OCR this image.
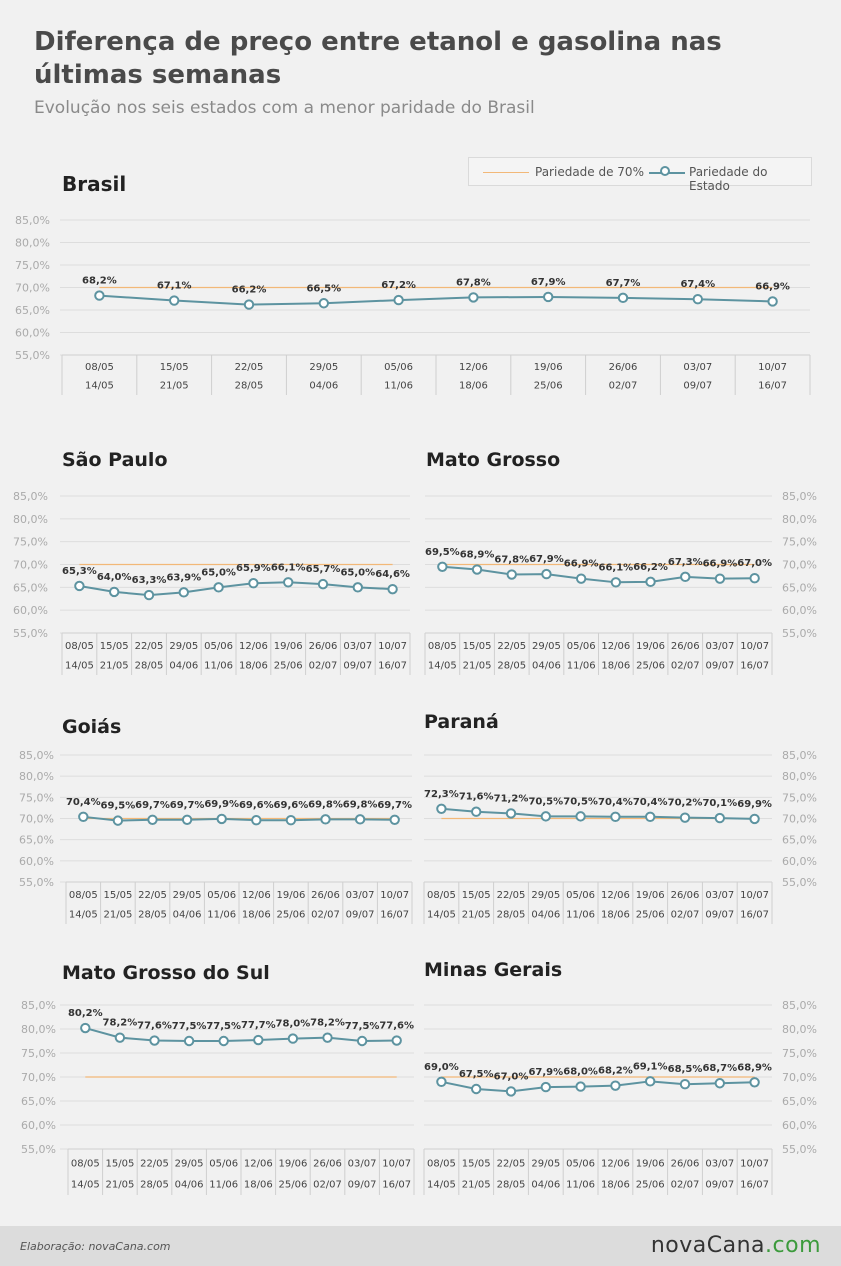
Diferença de preço entre etanol e gasolina nas últimas semanas

Evolução nos seis estados com a menor paridade do Brasil

Pariedade de 70%	Pariedade do Estado
Brasil
São Paulo	Mato Grosso
Goiás	Paraná
Mato Grosso do Sul	Minas Gerais
85,0%
80,0%
75,0%
70,0%
65,0%
60,0%
55,0%
08/05
14/05
15/05
21/05
22/05
28/05
29/05
04/06
05/06
11/06
12/06
18/06
19/06
25/06
26/06
02/07
03/07
09/07
10/07
16/07
68,2%	67,1%	66,2%	66,5%	67,2%	67,8%	67,9%	67,7%	67,4%	66,9%
85,0%
80,0%
75,0%
70,0%
65,0%
60,0%
55,0%
08/05
14/05
15/05
21/05
22/05
28/05
29/05
04/06
05/06
11/06
12/06
18/06
19/06
25/06
26/06
02/07
03/07
09/07
10/07
16/07
65,3%
64,0% 63,3% 63,9% 65,0% 65,9% 66,1% 65,7% 65,0% 64,6%
85,0%
80,0%
75,0%
70,0%
65,0%
60,0%
55,0%
08/05
14/05
15/05
21/05
22/05
28/05
29/05
04/06
05/06
11/06
12/06
18/06
19/06
25/06
26/06
02/07
03/07
09/07
10/07
16/07
69,5% 68,9% 67,8% 67,9% 66,9% 66,1% 66,2% 67,3% 66,9% 67,0%
85,0%
80,0%
75,0%
70,0%
65,0%
60,0%
55,0%
08/05
14/05
15/05
21/05
22/05
28/05
29/05
04/06
05/06
11/06
12/06
18/06
19/06
25/06
26/06
02/07
03/07
09/07
10/07
16/07
70,4% 69,5% 69,7% 69,7% 69,9% 69,6% 69,6% 69,8% 69,8% 69,7%
85,0%
80,0%
75,0%
70,0%
65,0%
60,0%
55,0%
08/05
14/05
15/05
21/05
22/05
28/05
29/05
04/06
05/06
11/06
12/06
18/06
19/06
25/06
26/06
02/07
03/07
09/07
10/07
16/07
72,3% 71,6% 71,2% 70,5% 70,5% 70,4% 70,4% 70,2% 70,1% 69,9%
85,0%
80,0%
75,0%
70,0%
65,0%
60,0%
55,0%
08/05
14/05
15/05
21/05
22/05
28/05
29/05
04/06
05/06
11/06
12/06
18/06
19/06
25/06
26/06
02/07
03/07
09/07
10/07
16/07
80,2%
78,2% 77,6% 77,5% 77,5% 77,7% 78,0% 78,2% 77,5% 77,6%
85,0%
80,0%
75,0%
70,0%
65,0%
60,0%
55,0%
08/05
14/05
15/05
21/05
22/05
28/05
29/05
04/06
05/06
11/06
12/06
18/06
19/06
25/06
26/06
02/07
03/07
09/07
10/07
16/07
69,0%
67,5% 67,0% 67,9% 68,0% 68,2% 69,1% 68,5% 68,7% 68,9%
Elaboração: novaCana.com	novaCana.com
